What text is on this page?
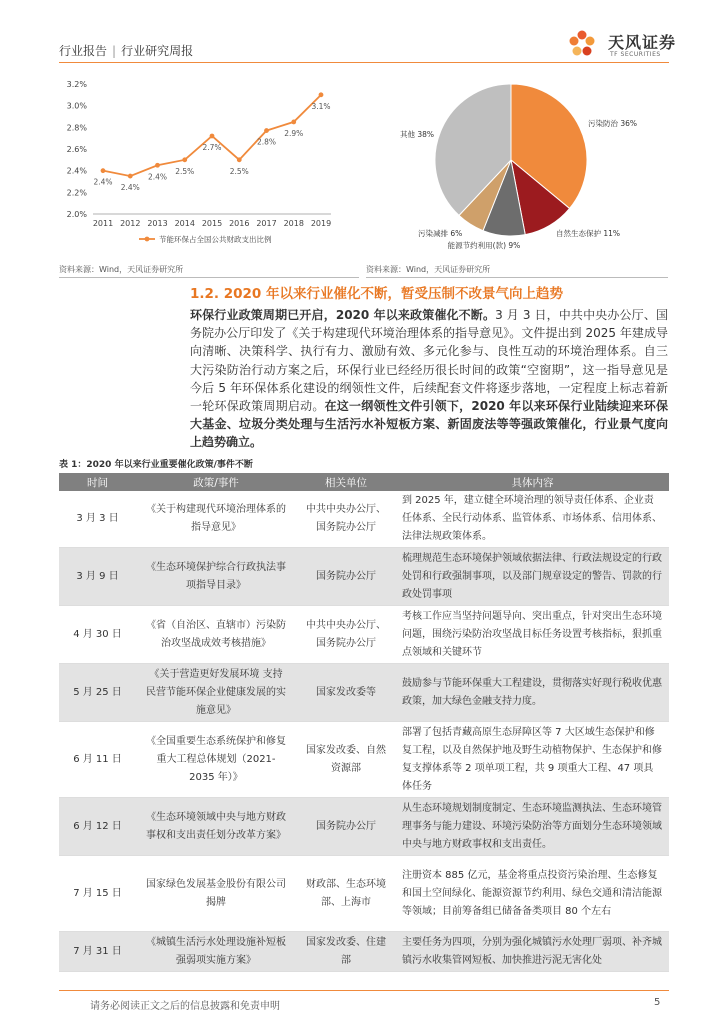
行业报告 | 行业研究周报	天风证券
TF SECURITIES
2.0%
2.2%
2.4%
2.6%
2.8%
3.0%
3.2%
2011 2012 2013 2014 2015 2016 2017 2018 2019
2.4%
2.4%
2.4%
2.5%
2.7%
2.5%
2.8%
2.9%
3.1%
节能环保占全国公共财政支出比例
污染防治 36%
自然生态保护 11%
能源节约利用(款) 9%
污染减排 6%
其他 38%
资料来源：Wind，天风证券研究所	资料来源：Wind，天风证券研究所
1.2. 2020 年以来行业催化不断，暂受压制不改景气向上趋势
环保行业政策周期已开启，2020 年以来政策催化不断。3 月 3 日，中共中央办公厅、国务院办公厅印发了《关于构建现代环境治理体系的指导意见》。文件提出到 2025 年建成导向清晰、决策科学、执行有力、激励有效、多元化参与、良性互动的环境治理体系。自三大污染防治行动方案之后，环保行业已经经历很长时间的政策“空窗期”，这一指导意见是今后 5 年环保体系化建设的纲领性文件，后续配套文件将逐步落地，一定程度上标志着新一轮环保政策周期启动。在这一纲领性文件引领下，2020 年以来环保行业陆续迎来环保大基金、垃圾分类处理与生活污水补短板方案、新固废法等等强政策催化，行业景气度向上趋势确立。
表 1：2020 年以来行业重要催化政策/事件不断
时间	政策/事件	相关单位	具体内容
3 月 3 日	《关于构建现代环境治理体系的指导意见》	中共中央办公厅、国务院办公厅	到 2025 年，建立健全环境治理的领导责任体系、企业责任体系、全民行动体系、监管体系、市场体系、信用体系、法律法规政策体系。
3 月 9 日	《生态环境保护综合行政执法事项指导目录》	国务院办公厅	梳理规范生态环境保护领域依据法律、行政法规设定的行政处罚和行政强制事项，以及部门规章设定的警告、罚款的行政处罚事项
4 月 30 日	《省（自治区、直辖市）污染防治攻坚战成效考核措施》	中共中央办公厅、国务院办公厅	考核工作应当坚持问题导向、突出重点，针对突出生态环境问题，围绕污染防治攻坚战目标任务设置考核指标，狠抓重点领域和关键环节
5 月 25 日	《关于营造更好发展环境 支持民营节能环保企业健康发展的实施意见》	国家发改委等	鼓励参与节能环保重大工程建设，贯彻落实好现行税收优惠政策，加大绿色金融支持力度。
6 月 11 日	《全国重要生态系统保护和修复重大工程总体规划（2021-2035 年）》	国家发改委、自然资源部	部署了包括青藏高原生态屏障区等 7 大区域生态保护和修复工程，以及自然保护地及野生动植物保护、生态保护和修复支撑体系等 2 项单项工程，共 9 项重大工程、47 项具体任务
6 月 12 日	《生态环境领域中央与地方财政事权和支出责任划分改革方案》	国务院办公厅	从生态环境规划制度制定、生态环境监测执法、生态环境管理事务与能力建设、环境污染防治等方面划分生态环境领域中央与地方财政事权和支出责任。
7 月 15 日	国家绿色发展基金股份有限公司揭牌	财政部、生态环境部、上海市	注册资本 885 亿元，基金将重点投资污染治理、生态修复和国土空间绿化、能源资源节约利用、绿色交通和清洁能源等领域；目前筹备组已储备备类项目 80 个左右
7 月 31 日	《城镇生活污水处理设施补短板强弱项实施方案》	国家发改委、住建部	主要任务为四项，分别为强化城镇污水处理厂弱项、补齐城镇污水收集管网短板、加快推进污泥无害化处
请务必阅读正文之后的信息披露和免责申明	5
